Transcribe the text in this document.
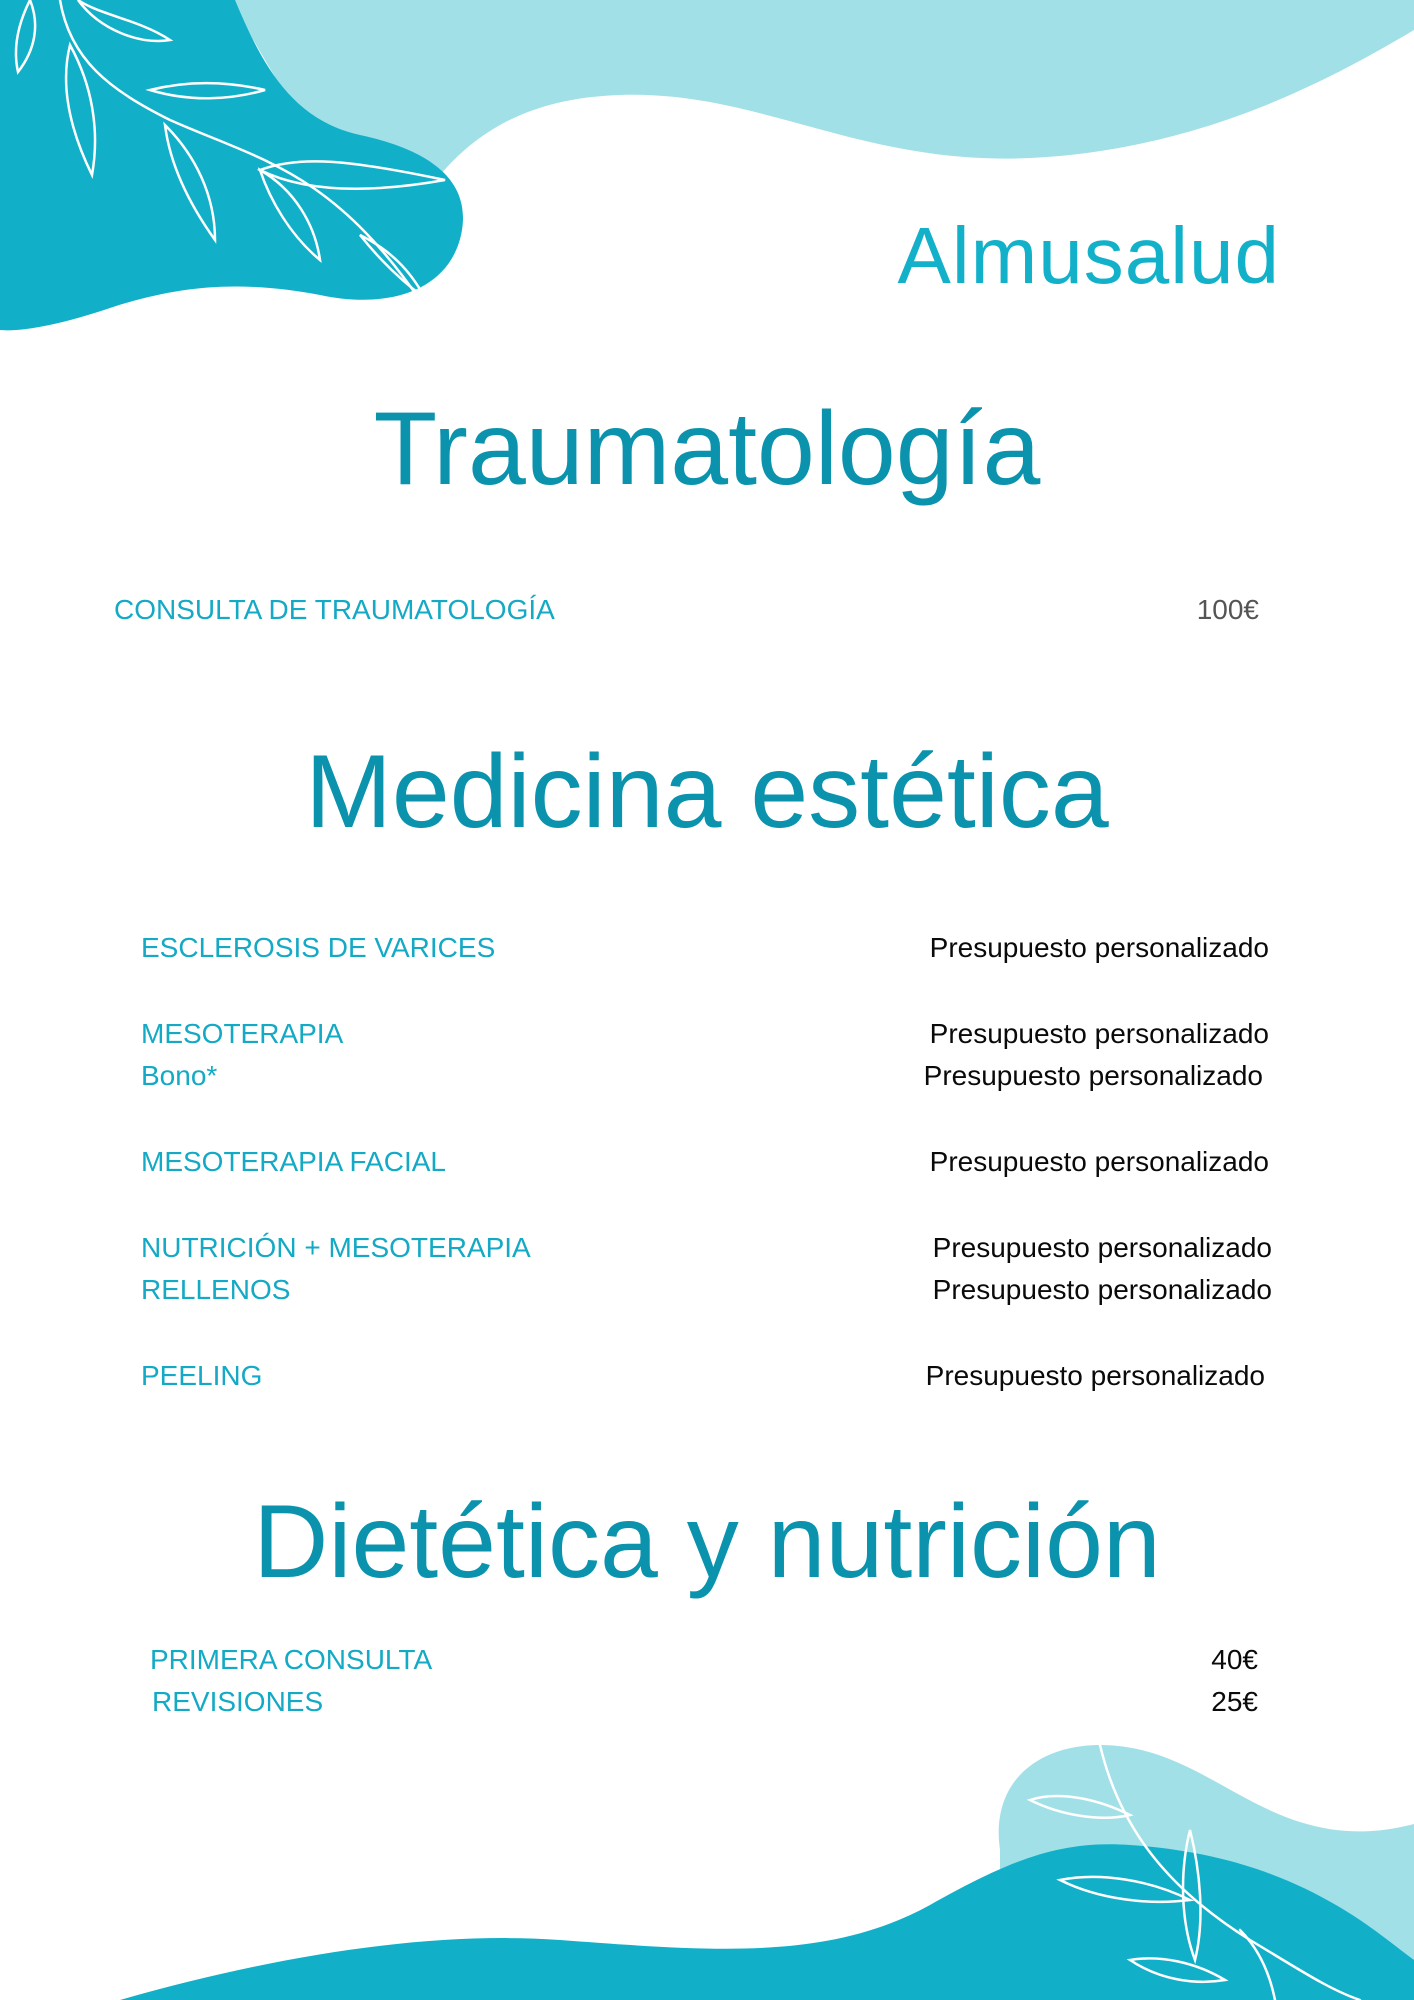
Almusalud
Traumatología
CONSULTA DE TRAUMATOLOGÍA	100€
Medicina estética
ESCLEROSIS DE VARICES	Presupuesto personalizado
MESOTERAPIA	Presupuesto personalizado
Bono*	Presupuesto personalizado
MESOTERAPIA FACIAL	Presupuesto personalizado
NUTRICIÓN + MESOTERAPIA	Presupuesto personalizado
RELLENOS	Presupuesto personalizado
PEELING	Presupuesto personalizado
Dietética y nutrición
PRIMERA CONSULTA	40€
REVISIONES	25€
